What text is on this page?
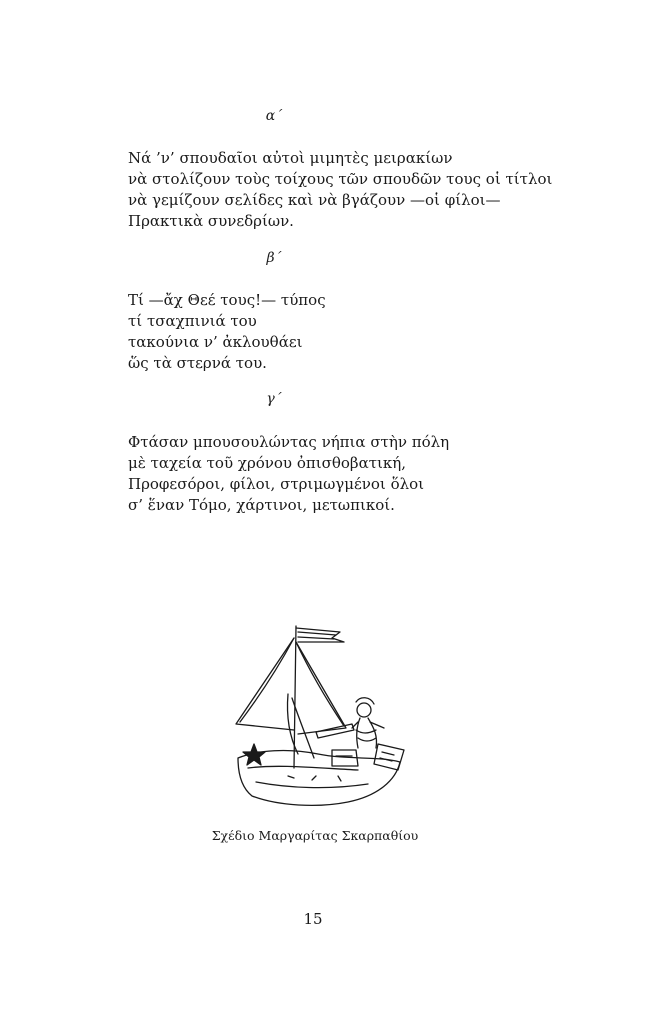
α΄
Νά ’ν’ σπουδαῖοι αὐτοὶ μιμητὲς μειρακίων
νὰ στολίζουν τοὺς τοίχους τῶν σπουδῶν τους οἱ τίτλοι
νὰ γεμίζουν σελίδες καὶ νὰ βγάζουν —οἱ φίλοι—
Πρακτικὰ συνεδρίων.
β΄
Τί —ἄχ Θεέ τους!— τύπος
τί τσαχπινιά του
τακούνια ν’ ἀκλουθάει
ὥς τὰ στερνά του.
γ΄
Φτάσαν μπουσουλώντας νήπια στὴν πόλη
μὲ ταχεία τοῦ χρόνου ὀπισθοβατική,
Προφεσόροι, φίλοι, στριμωγμένοι ὅλοι
σ’ ἕναν Τόμο, χάρτινοι, μετωπικοί.
Σχέδιο Μαργαρίτας Σκαρπαθίου
15
